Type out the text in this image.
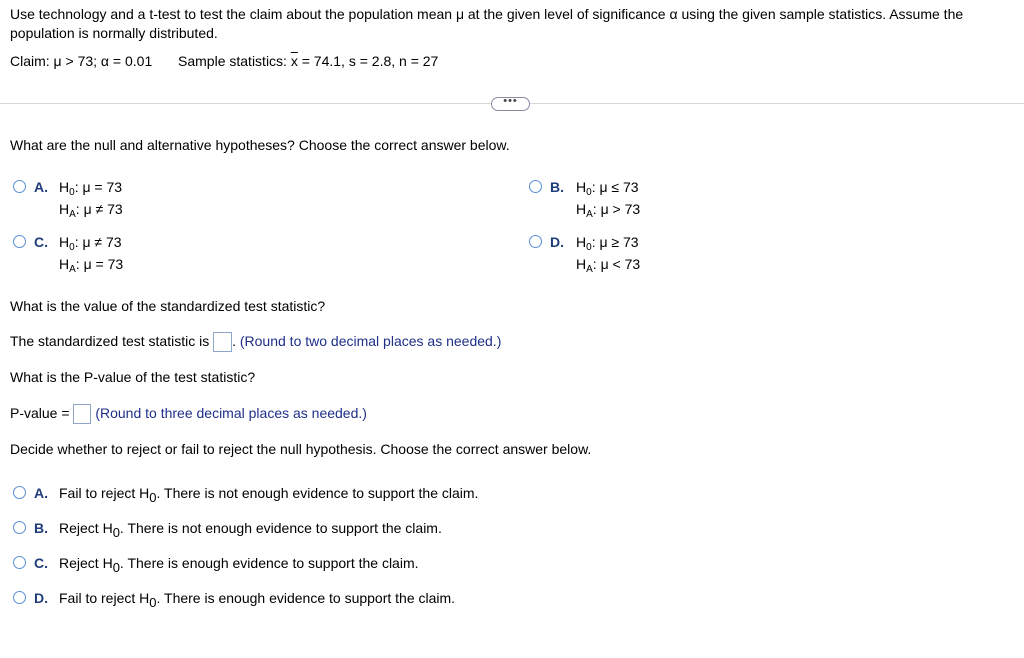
Use technology and a t-test to test the claim about the population mean μ at the given level of significance α using the given sample statistics. Assume the population is normally distributed.
Claim: μ > 73; α = 0.01 Sample statistics: $\overline{x} = 74.1$, s = 2.8, n = 27
•••
What are the null and alternative hypotheses? Choose the correct answer below.
A. $H_0$: μ = 73
$H_A$: μ ≠ 73
B. $H_0$: μ ≤ 73
$H_A$: μ > 73
C. $H_0$: μ ≠ 73
$H_A$: μ = 73
D. $H_0$: μ ≥ 73
$H_A$: μ < 73
What is the value of the standardized test statistic?
The standardized test statistic is . (Round to two decimal places as needed.)
What is the P-value of the test statistic?
P-value =  (Round to three decimal places as needed.)
Decide whether to reject or fail to reject the null hypothesis. Choose the correct answer below.
A. Fail to reject H0. There is not enough evidence to support the claim.
B. Reject H0. There is not enough evidence to support the claim.
C. Reject H0. There is enough evidence to support the claim.
D. Fail to reject H0. There is enough evidence to support the claim.
